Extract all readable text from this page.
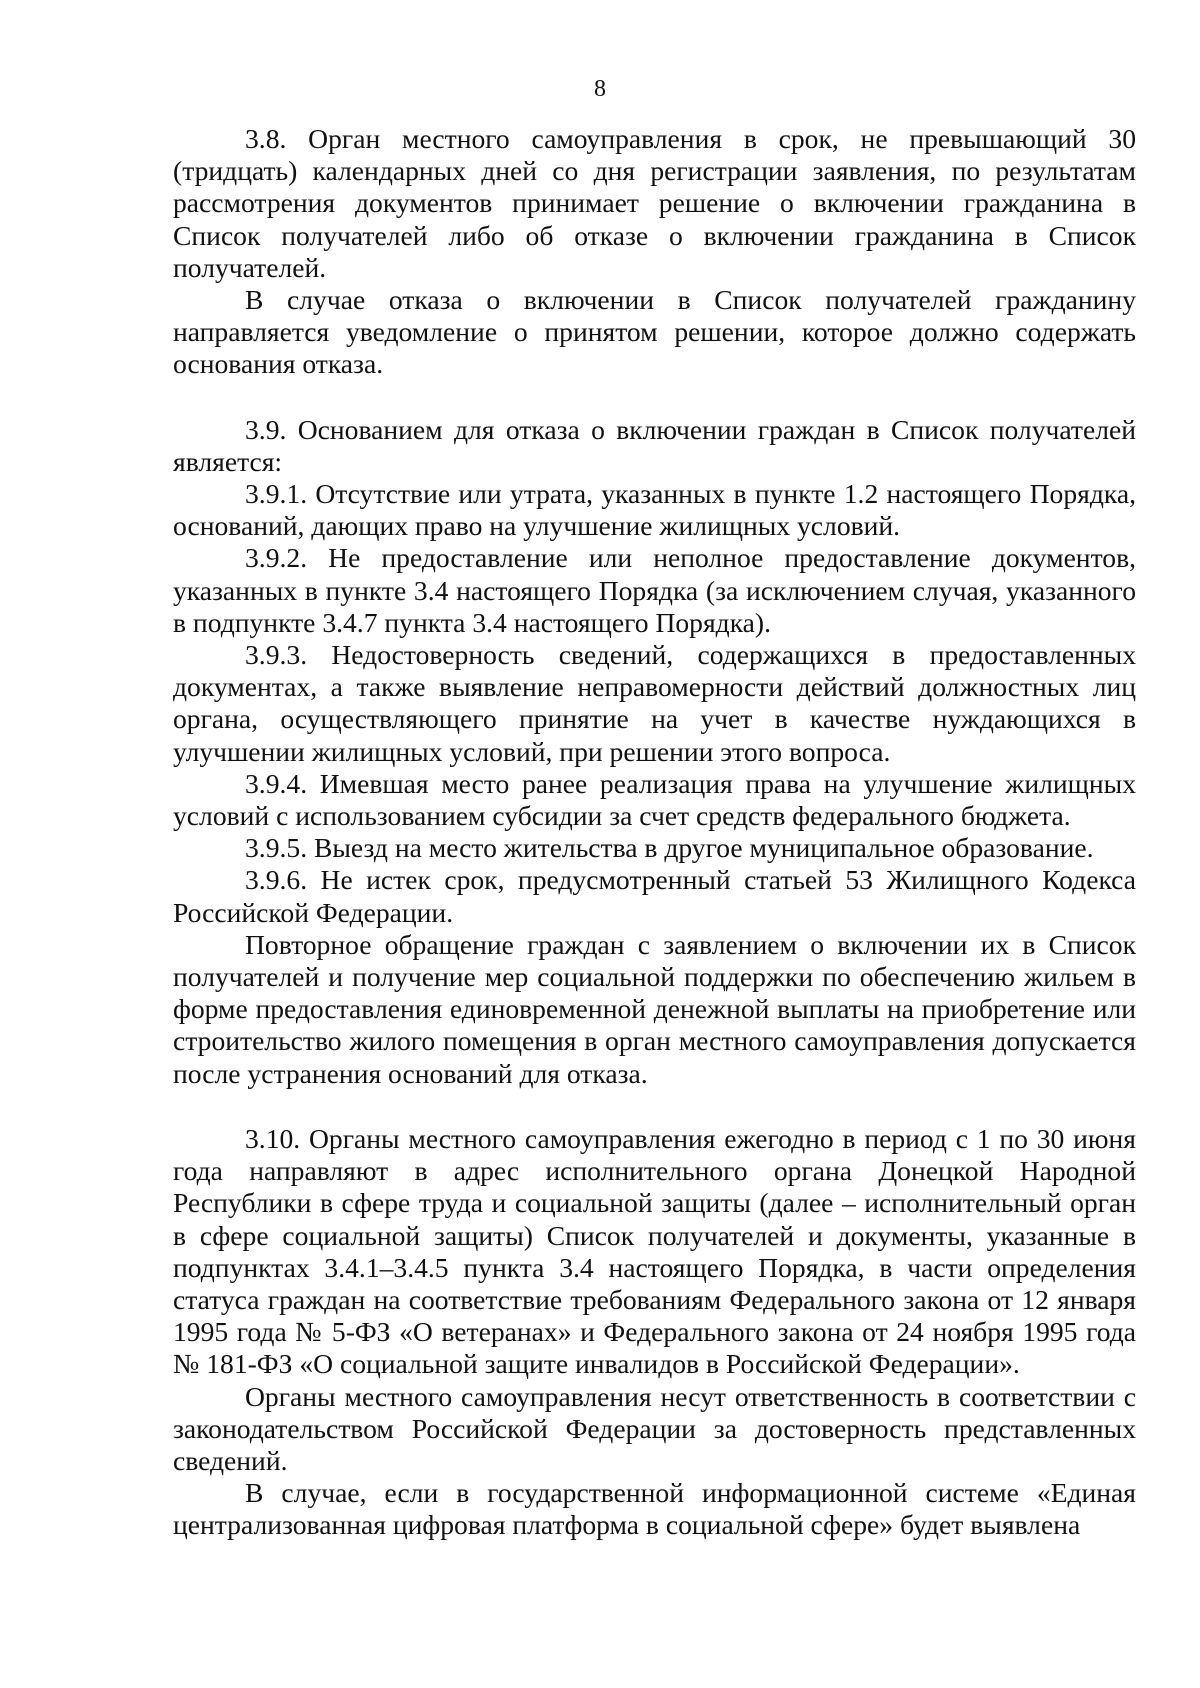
8

3.8. Орган местного самоуправления в срок, не превышающий 30 (тридцать) календарных дней со дня регистрации заявления, по результатам рассмотрения документов принимает решение о включении гражданина в Список получателей либо об отказе о включении гражданина в Список получателей.

В случае отказа о включении в Список получателей гражданину направляется уведомление о принятом решении, которое должно содержать основания отказа.

3.9. Основанием для отказа о включении граждан в Список получателей является:

3.9.1. Отсутствие или утрата, указанных в пункте 1.2 настоящего Порядка, оснований, дающих право на улучшение жилищных условий.

3.9.2. Не предоставление или неполное предоставление документов, указанных в пункте 3.4 настоящего Порядка (за исключением случая, указанного в подпункте 3.4.7 пункта 3.4 настоящего Порядка).

3.9.3. Недостоверность сведений, содержащихся в предоставленных документах, а также выявление неправомерности действий должностных лиц органа, осуществляющего принятие на учет в качестве нуждающихся в улучшении жилищных условий, при решении этого вопроса.

3.9.4. Имевшая место ранее реализация права на улучшение жилищных условий с использованием субсидии за счет средств федерального бюджета.

3.9.5. Выезд на место жительства в другое муниципальное образование.

3.9.6. Не истек срок, предусмотренный статьей 53 Жилищного Кодекса Российской Федерации.

Повторное обращение граждан с заявлением о включении их в Список получателей и получение мер социальной поддержки по обеспечению жильем в форме предоставления единовременной денежной выплаты на приобретение или строительство жилого помещения в орган местного самоуправления допускается после устранения оснований для отказа.

3.10. Органы местного самоуправления ежегодно в период с 1 по 30 июня года направляют в адрес исполнительного органа Донецкой Народной Республики в сфере труда и социальной защиты (далее – исполнительный орган в сфере социальной защиты) Список получателей и документы, указанные в подпунктах 3.4.1–3.4.5 пункта 3.4 настоящего Порядка, в части определения статуса граждан на соответствие требованиям Федерального закона от 12 января 1995 года № 5-ФЗ «О ветеранах» и Федерального закона от 24 ноября 1995 года № 181-ФЗ «О социальной защите инвалидов в Российской Федерации».

Органы местного самоуправления несут ответственность в соответствии с законодательством Российской Федерации за достоверность представленных сведений.

В случае, если в государственной информационной системе «Единая централизованная цифровая платформа в социальной сфере» будет выявлена
